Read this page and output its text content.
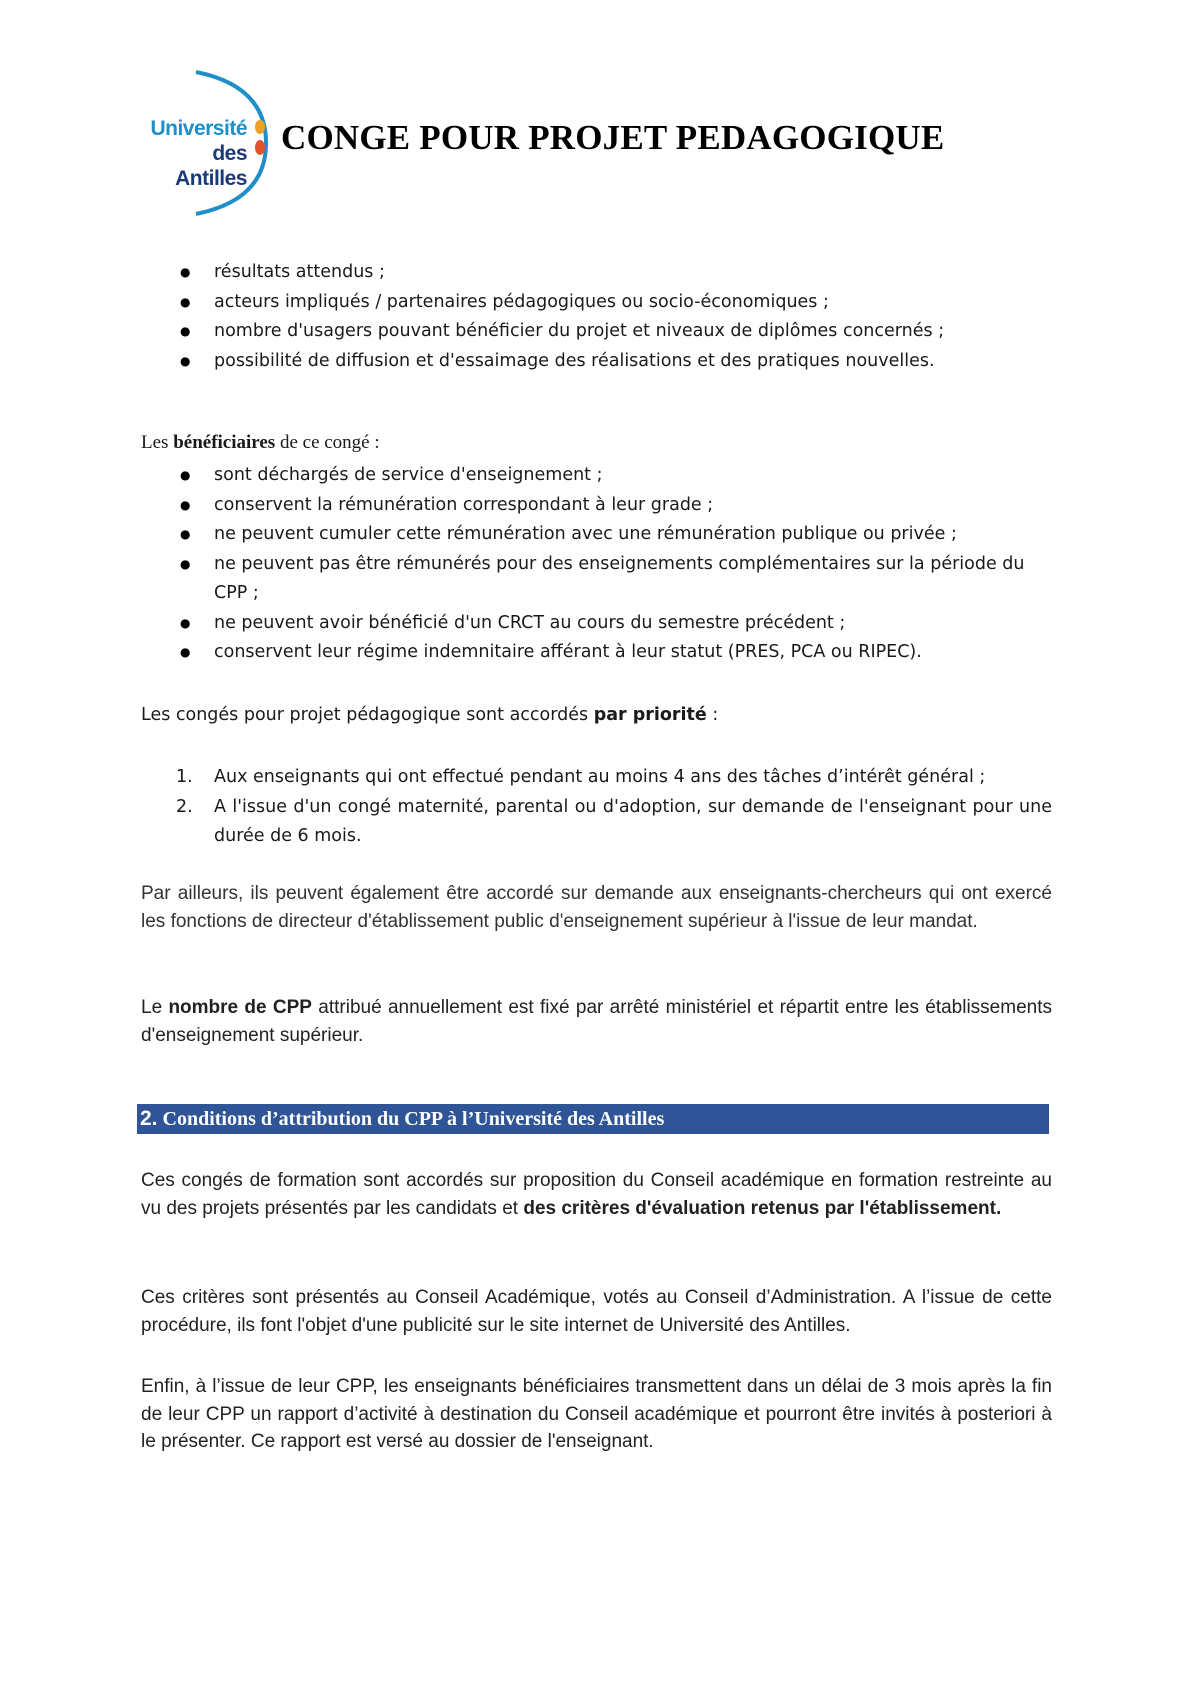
Université
des Antilles
CONGE POUR PROJET PEDAGOGIQUE
● résultats attendus ;
● acteurs impliqués / partenaires pédagogiques ou socio-économiques ;
● nombre d'usagers pouvant bénéficier du projet et niveaux de diplômes concernés ;
● possibilité de diffusion et d'essaimage des réalisations et des pratiques nouvelles.
Les bénéficiaires de ce congé :
● sont déchargés de service d'enseignement ;
● conservent la rémunération correspondant à leur grade ;
● ne peuvent cumuler cette rémunération avec une rémunération publique ou privée ;
● ne peuvent pas être rémunérés pour des enseignements complémentaires sur la période du CPP ;
● ne peuvent avoir bénéficié d'un CRCT au cours du semestre précédent ;
● conservent leur régime indemnitaire afférant à leur statut (PRES, PCA ou RIPEC).
Les congés pour projet pédagogique sont accordés par priorité :
1. Aux enseignants qui ont effectué pendant au moins 4 ans des tâches d’intérêt général ;
2. A l'issue d'un congé maternité, parental ou d'adoption, sur demande de l'enseignant pour une durée de 6 mois.
Par ailleurs, ils peuvent également être accordé sur demande aux enseignants-chercheurs qui ont exercé les fonctions de directeur d'établissement public d'enseignement supérieur à l'issue de leur mandat.
Le nombre de CPP attribué annuellement est fixé par arrêté ministériel et répartit entre les établissements d'enseignement supérieur.
2. Conditions d’attribution du CPP à l’Université des Antilles
Ces congés de formation sont accordés sur proposition du Conseil académique en formation restreinte au vu des projets présentés par les candidats et des critères d'évaluation retenus par l'établissement.
Ces critères sont présentés au Conseil Académique, votés au Conseil d’Administration. A l’issue de cette procédure, ils font l'objet d'une publicité sur le site internet de Université des Antilles.
Enfin, à l’issue de leur CPP, les enseignants bénéficiaires transmettent dans un délai de 3 mois après la fin de leur CPP un rapport d’activité à destination du Conseil académique et pourront être invités à posteriori à le présenter. Ce rapport est versé au dossier de l'enseignant.
